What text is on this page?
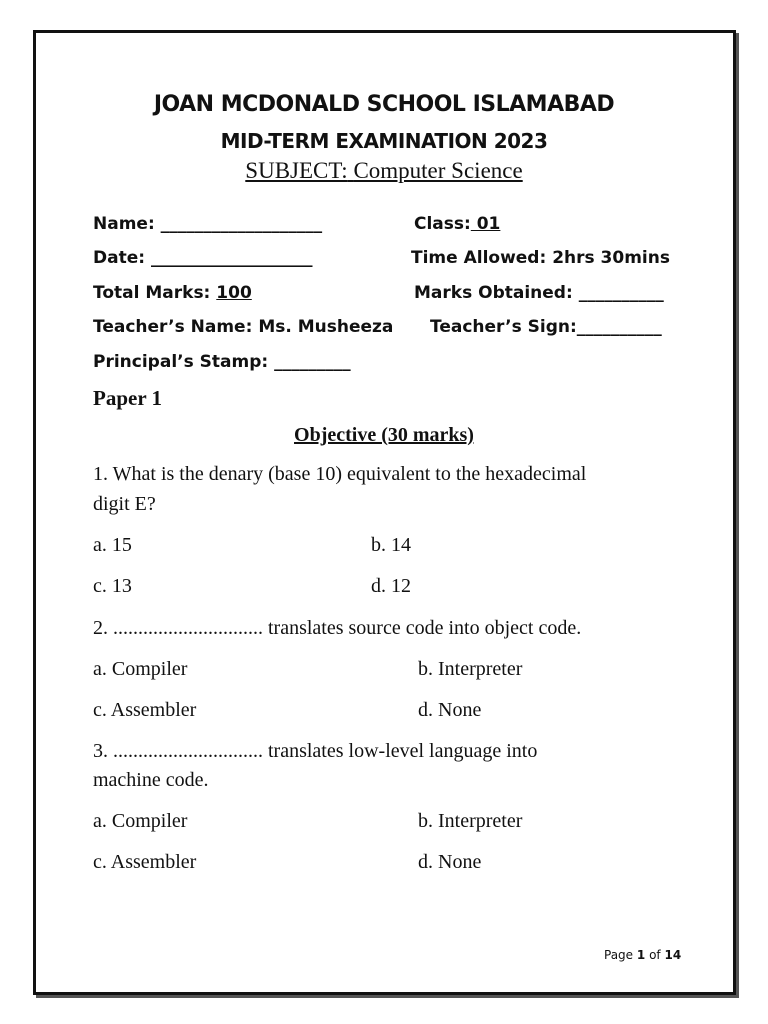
JOAN MCDONALD SCHOOL ISLAMABAD
MID-TERM EXAMINATION 2023
SUBJECT: Computer Science
Name: ___________________	Class: 01
Date: ___________________	Time Allowed: 2hrs 30mins
Total Marks: 100	Marks Obtained: __________
Teacher’s Name: Ms. Musheeza Teacher’s Sign:__________
Principal’s Stamp: _________
Paper 1
Objective (30 marks)
1. What is the denary (base 10) equivalent to the hexadecimal
digit E?
a. 15	b. 14
c. 13	d. 12
2. .............................. translates source code into object code.
a. Compiler	b. Interpreter
c. Assembler	d. None
3. .............................. translates low-level language into
machine code.
a. Compiler	b. Interpreter
c. Assembler	d. None
Page 1 of 14
